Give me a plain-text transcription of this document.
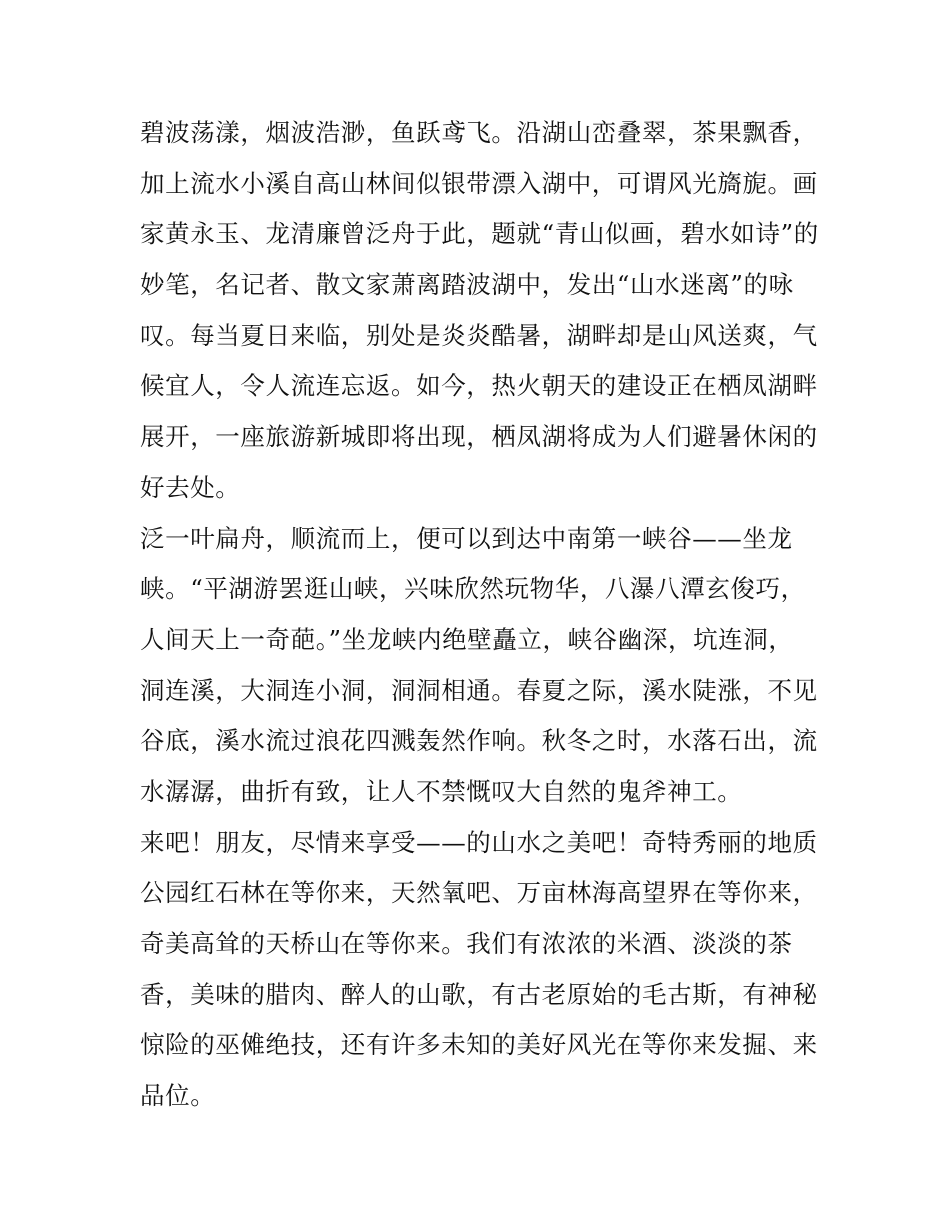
碧波荡漾，烟波浩渺，鱼跃鸢飞。沿湖山峦叠翠，茶果飘香，
加上流水小溪自高山林间似银带漂入湖中，可谓风光旖旎。画
家黄永玉、龙清廉曾泛舟于此，题就“青山似画，碧水如诗”的
妙笔，名记者、散文家萧离踏波湖中，发出“山水迷离”的咏
叹。每当夏日来临，别处是炎炎酷暑，湖畔却是山风送爽，气
候宜人，令人流连忘返。如今，热火朝天的建设正在栖凤湖畔
展开，一座旅游新城即将出现，栖凤湖将成为人们避暑休闲的
好去处。
泛一叶扁舟，顺流而上，便可以到达中南第一峡谷——坐龙
峡。“平湖游罢逛山峡，兴味欣然玩物华，八瀑八潭玄俊巧，
人间天上一奇葩。”坐龙峡内绝壁矗立，峡谷幽深，坑连洞，
洞连溪，大洞连小洞，洞洞相通。春夏之际，溪水陡涨，不见
谷底，溪水流过浪花四溅轰然作响。秋冬之时，水落石出，流
水潺潺，曲折有致，让人不禁慨叹大自然的鬼斧神工。
来吧！朋友，尽情来享受——的山水之美吧！奇特秀丽的地质
公园红石林在等你来，天然氧吧、万亩林海高望界在等你来，
奇美高耸的天桥山在等你来。我们有浓浓的米酒、淡淡的茶
香，美味的腊肉、醉人的山歌，有古老原始的毛古斯，有神秘
惊险的巫傩绝技，还有许多未知的美好风光在等你来发掘、来
品位。
